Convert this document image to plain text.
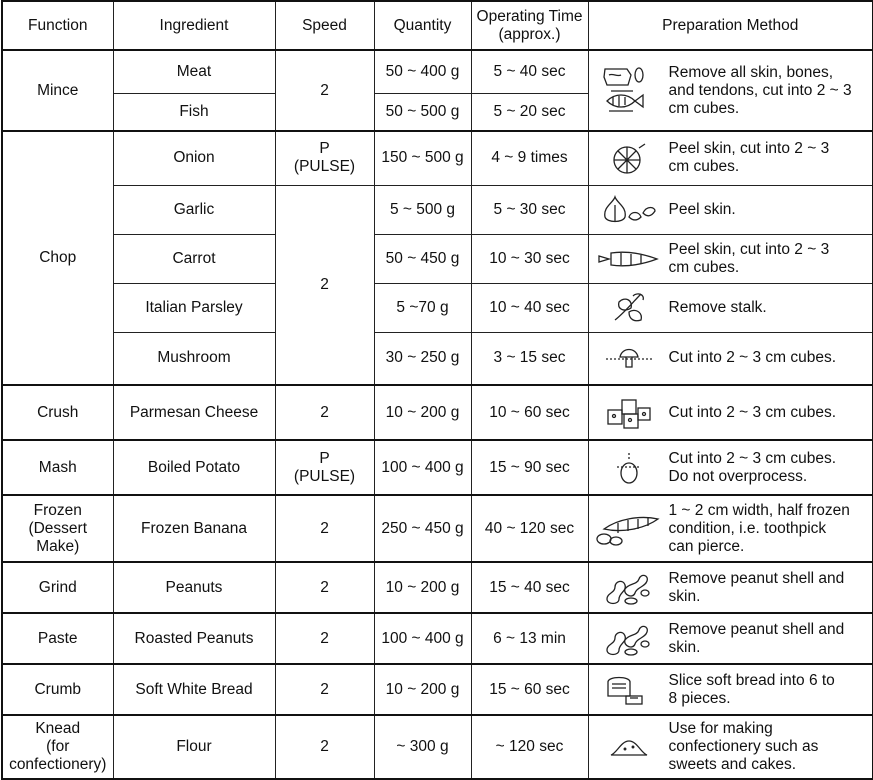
Function	Ingredient	Speed	Quantity	Operating Time
(approx.)	Preparation Method
Mince	Meat	2	50 ~ 400 g	5 ~ 40 sec	Remove all skin, bones,
and tendons, cut into 2 ~ 3
cm cubes.

	Fish		50 ~ 500 g	5 ~ 20 sec	
Chop	Onion	P
(PULSE)	150 ~ 500 g	4 ~ 9 times	Peel skin, cut into 2 ~ 3
cm cubes.

	Garlic	2	5 ~ 500 g	5 ~ 30 sec	Peel skin.

	Carrot		50 ~ 450 g	10 ~ 30 sec	Peel skin, cut into 2 ~ 3
cm cubes.

	Italian Parsley		5 ~70 g	10 ~ 40 sec	Remove stalk.

	Mushroom		30 ~ 250 g	3 ~ 15 sec	Cut into 2 ~ 3 cm cubes.

Crush	Parmesan Cheese	2	10 ~ 200 g	10 ~ 60 sec	Cut into 2 ~ 3 cm cubes.

Mash	Boiled Potato	P
(PULSE)	100 ~ 400 g	15 ~ 90 sec	Cut into 2 ~ 3 cm cubes.
Do not overprocess.

Frozen
(Dessert
Make)	Frozen Banana	2	250 ~ 450 g	40 ~ 120 sec	1 ~ 2 cm width, half frozen
condition, i.e. toothpick
can pierce.

Grind	Peanuts	2	10 ~ 200 g	15 ~ 40 sec	Remove peanut shell and
skin.

Paste	Roasted Peanuts	2	100 ~ 400 g	6 ~ 13 min	Remove peanut shell and
skin.

Crumb	Soft White Bread	2	10 ~ 200 g	15 ~ 60 sec	Slice soft bread into 6 to
8 pieces.

Knead
(for
confectionery)	Flour	2	~ 300 g	~ 120 sec	Use for making
confectionery such as
sweets and cakes.
